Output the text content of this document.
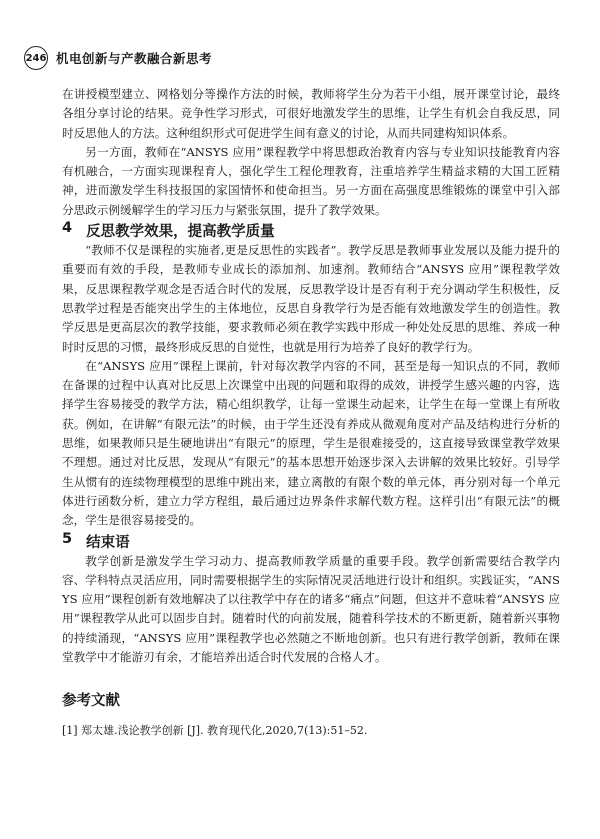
246 机电创新与产教融合新思考

在讲授模型建立、网格划分等操作方法的时候，教师将学生分为若干小组，展开课堂讨论，最终各组分享讨论的结果。竞争性学习形式，可很好地激发学生的思维，让学生有机会自我反思，同时反思他人的方法。这种组织形式可促进学生间有意义的讨论，从而共同建构知识体系。

另一方面，教师在“ANSYS 应用”课程教学中将思想政治教育内容与专业知识技能教育内容有机融合，一方面实现课程育人，强化学生工程伦理教育，注重培养学生精益求精的大国工匠精神，进而激发学生科技报国的家国情怀和使命担当。另一方面在高强度思维锻炼的课堂中引入部分思政示例缓解学生的学习压力与紧张氛围，提升了教学效果。

4 反思教学效果，提高教学质量

“教师不仅是课程的实施者,更是反思性的实践者”。教学反思是教师事业发展以及能力提升的重要而有效的手段，是教师专业成长的添加剂、加速剂。教师结合“ANSYS 应用”课程教学效果，反思课程教学观念是否适合时代的发展，反思教学设计是否有利于充分调动学生积极性，反思教学过程是否能突出学生的主体地位，反思自身教学行为是否能有效地激发学生的创造性。教学反思是更高层次的教学技能，要求教师必须在教学实践中形成一种处处反思的思维、养成一种时时反思的习惯，最终形成反思的自觉性，也就是用行为培养了良好的教学行为。

在“ANSYS 应用”课程上课前，针对每次教学内容的不同，甚至是每一知识点的不同，教师在备课的过程中认真对比反思上次课堂中出现的问题和取得的成效，讲授学生感兴趣的内容，选择学生容易接受的教学方法，精心组织教学，让每一堂课生动起来，让学生在每一堂课上有所收获。例如，在讲解“有限元法”的时候，由于学生还没有养成从微观角度对产品及结构进行分析的思维，如果教师只是生硬地讲出“有限元”的原理，学生是很难接受的，这直接导致课堂教学效果不理想。通过对比反思，发现从“有限元”的基本思想开始逐步深入去讲解的效果比较好。引导学生从惯有的连续物理模型的思维中跳出来，建立离散的有限个数的单元体，再分别对每一个单元体进行函数分析，建立力学方程组，最后通过边界条件求解代数方程。这样引出“有限元法”的概念，学生是很容易接受的。

5 结束语

教学创新是激发学生学习动力、提高教师教学质量的重要手段。教学创新需要结合教学内容、学科特点灵活应用，同时需要根据学生的实际情况灵活地进行设计和组织。实践证实，“ANSYS 应用”课程创新有效地解决了以往教学中存在的诸多“痛点”问题，但这并不意味着“ANSYS 应用”课程教学从此可以固步自封。随着时代的向前发展，随着科学技术的不断更新，随着新兴事物的持续涌现，“ANSYS 应用”课程教学也必然随之不断地创新。也只有进行教学创新，教师在课堂教学中才能游刃有余，才能培养出适合时代发展的合格人才。

参考文献

[1] 郑太雄.浅论教学创新 [J]. 教育现代化,2020,7(13):51–52.
